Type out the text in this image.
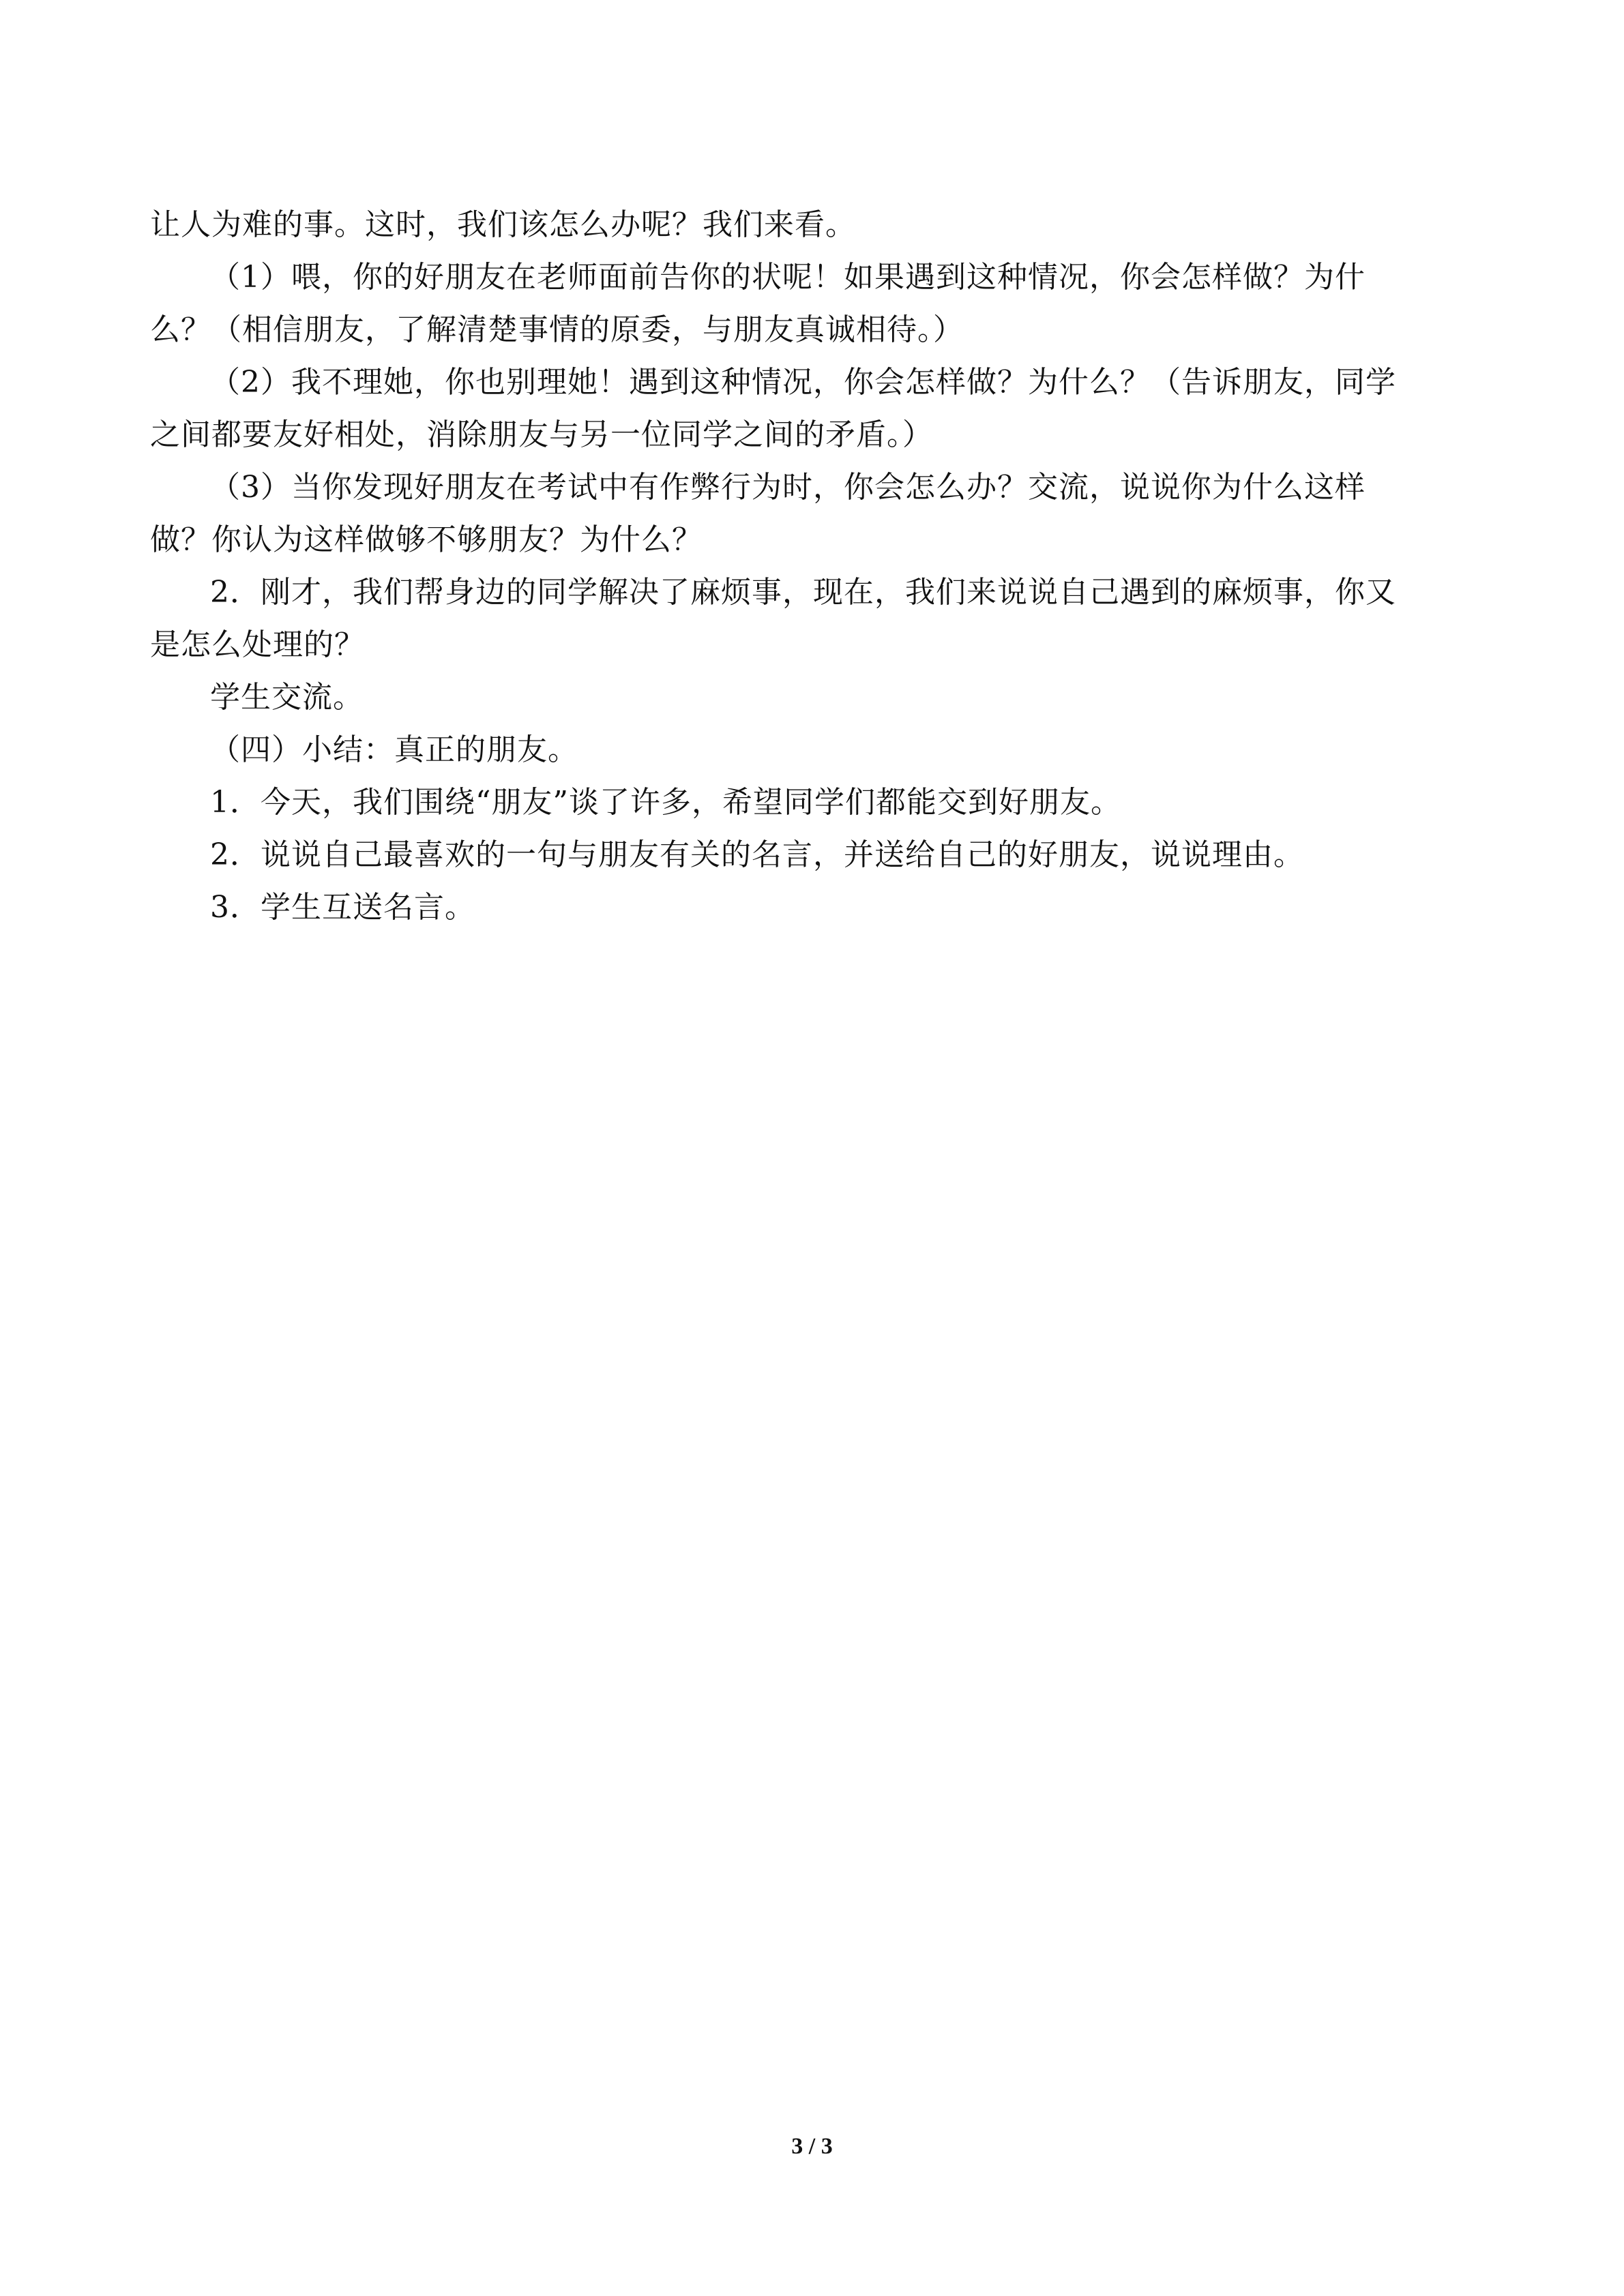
让人为难的事。这时，我们该怎么办呢？我们来看。

（1）喂，你的好朋友在老师面前告你的状呢！如果遇到这种情况，你会怎样做？为什

么？（相信朋友，了解清楚事情的原委，与朋友真诚相待。）

（2）我不理她，你也别理她！遇到这种情况，你会怎样做？为什么？（告诉朋友，同学

之间都要友好相处，消除朋友与另一位同学之间的矛盾。）

（3）当你发现好朋友在考试中有作弊行为时，你会怎么办？交流，说说你为什么这样

做？你认为这样做够不够朋友？为什么？

2．刚才，我们帮身边的同学解决了麻烦事，现在，我们来说说自己遇到的麻烦事，你又

是怎么处理的？

学生交流。

（四）小结：真正的朋友。

1．今天，我们围绕“朋友”谈了许多，希望同学们都能交到好朋友。

2．说说自己最喜欢的一句与朋友有关的名言，并送给自己的好朋友，说说理由。

3．学生互送名言。

3 / 3
